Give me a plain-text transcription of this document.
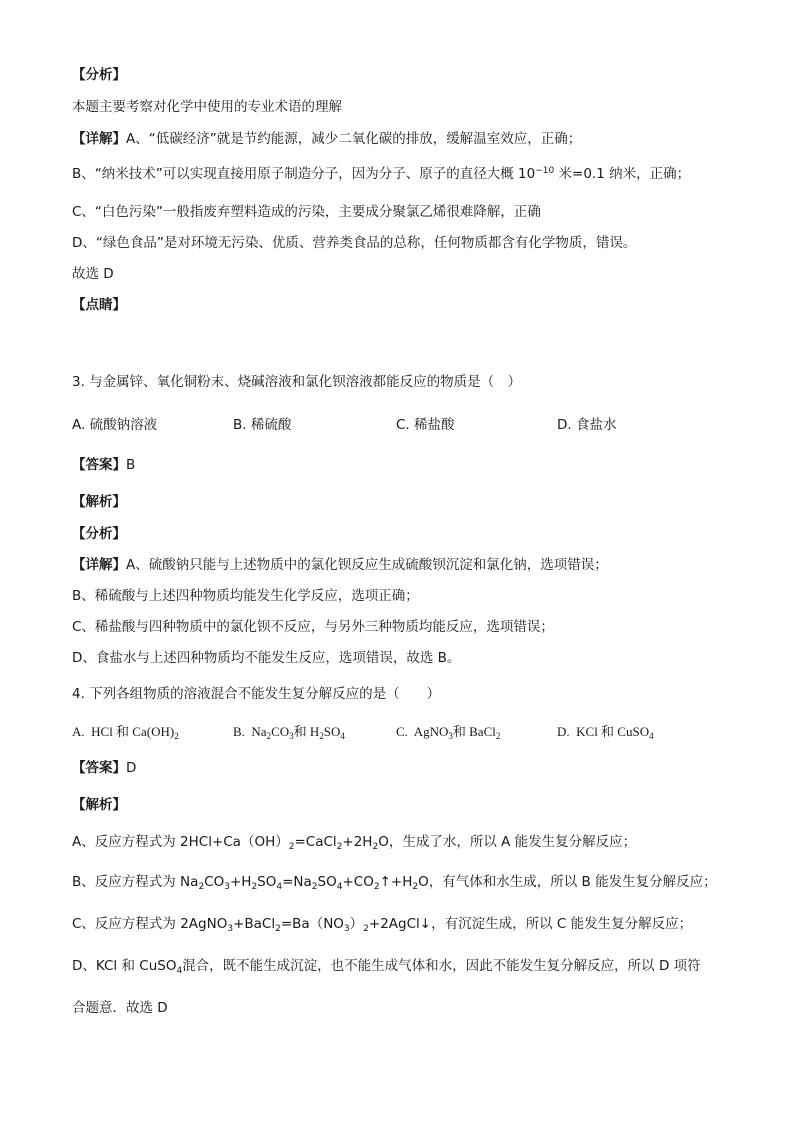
【分析】
本题主要考察对化学中使用的专业术语的理解
【详解】A、“低碳经济”就是节约能源，减少二氧化碳的排放，缓解温室效应，正确；
B、“纳米技术”可以实现直接用原子制造分子，因为分子、原子的直径大概 $10^{-10}$ 米=0.1 纳米，正确；
C、“白色污染”一般指废弃塑料造成的污染，主要成分聚氯乙烯很难降解，正确
D、“绿色食品”是对环境无污染、优质、营养类食品的总称，任何物质都含有化学物质，错误。
故选 D
【点睛】
3. 与金属锌、氧化铜粉末、烧碱溶液和氯化钡溶液都能反应的物质是（　）
A. 硫酸钠溶液	B. 稀硫酸	C. 稀盐酸	D. 食盐水
【答案】B
【解析】
【分析】
【详解】A、硫酸钠只能与上述物质中的氯化钡反应生成硫酸钡沉淀和氯化钠，选项错误；
B、稀硫酸与上述四种物质均能发生化学反应，选项正确；
C、稀盐酸与四种物质中的氯化钡不反应，与另外三种物质均能反应，选项错误；
D、食盐水与上述四种物质均不能发生反应，选项错误，故选 B。
4. 下列各组物质的溶液混合不能发生复分解反应的是（　　）
A. HCl 和 $Ca(OH)_2$	B. $Na_2CO_3$和 $H_2SO_4$	C. AgNO$_3$和 BaCl$_2$	D. KCl 和 CuSO$_4$
【答案】D
【解析】
A、反应方程式为 $2HCl+Ca(OH)_2=CaCl_2+2H_2O$，生成了水，所以 A 能发生复分解反应；
B、反应方程式为 $Na_2CO_3+H_2SO_4=Na_2SO_4+CO_2↑+H_2O$，有气体和水生成，所以 B 能发生复分解反应；
C、反应方程式为 $2AgNO_3+BaCl_2=Ba(NO_3)_2+2AgCl↓$，有沉淀生成，所以 C 能发生复分解反应；
D、KCl 和 CuSO$_4$混合，既不能生成沉淀，也不能生成气体和水，因此不能发生复分解反应，所以 D 项符
合题意．故选 D
